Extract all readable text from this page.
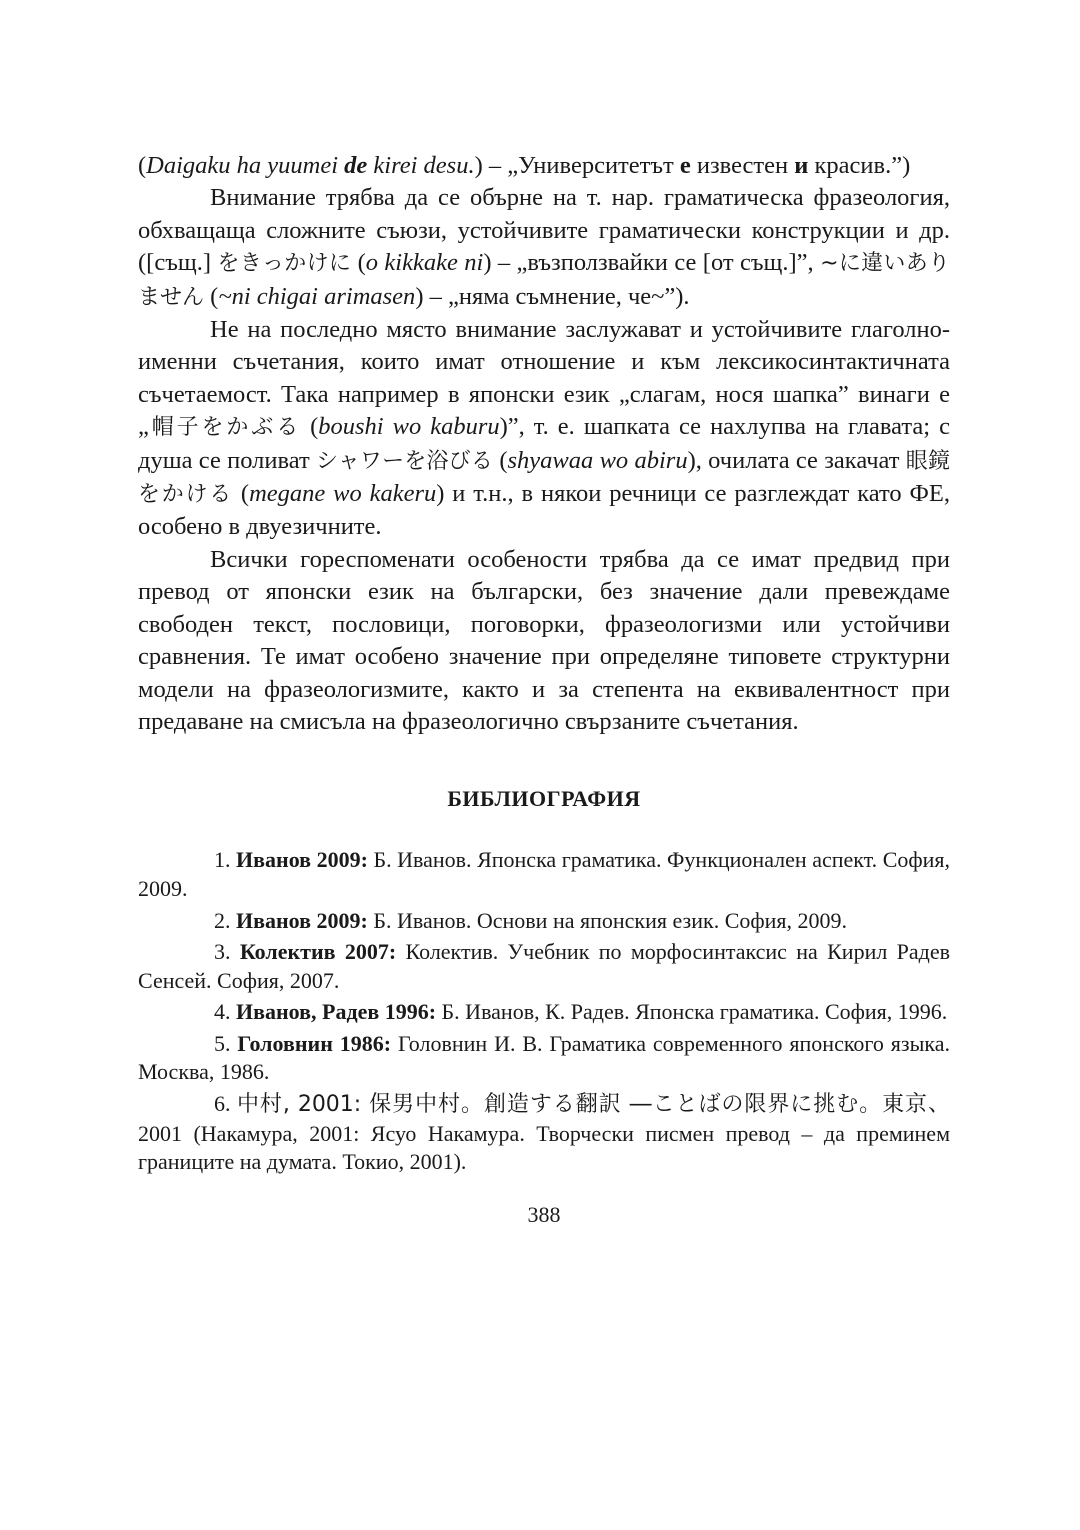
(Daigaku ha yuumei de kirei desu.) – „Университетът е известен и красив.”)

Внимание трябва да се обърне на т. нар. граматическа фразеология, обхващаща сложните съюзи, устойчивите граматически конструкции и др. ([същ.] をきっかけに (o kikkake ni) – „възползвайки се [от същ.]”, ~に違いありません (~ni chigai arimasen) – „няма съмнение, че~”).

Не на последно място внимание заслужават и устойчивите глаголно-именни съчетания, които имат отношение и към лексикосинтактичната съчетаемост. Така например в японски език „слагам, нося шапка” винаги е „帽子をかぶる (boushi wo kaburu)”, т. е. шапката се нахлупва на главата; с душа се поливат シャワーを浴びる (shyawaa wo abiru), очилата се закачат 眼鏡をかける (megane wo kakeru) и т.н., в някои речници се разглеждат като ФЕ, особено в двуезичните.

Всички гореспоменати особености трябва да се имат предвид при превод от японски език на български, без значение дали превеждаме свободен текст, пословици, поговорки, фразеологизми или устойчиви сравнения. Те имат особено значение при определяне типовете структурни модели на фразеологизмите, както и за степента на еквивалентност при предаване на смисъла на фразеологично свързаните съчетания.

БИБЛИОГРАФИЯ

1. Иванов 2009: Б. Иванов. Японска граматика. Функционален аспект. София, 2009.

2. Иванов 2009: Б. Иванов. Основи на японския език. София, 2009.

3. Колектив 2007: Колектив. Учебник по морфосинтаксис на Кирил Радев Сенсей. София, 2007.

4. Иванов, Радев 1996: Б. Иванов, К. Радев. Японска граматика. София, 1996.

5. Головнин 1986: Головнин И. В. Граматика современного японского языка. Москва, 1986.

6. 中村, 2001: 保男中村。創造する翻訳 ―ことばの限界に挑む。東京、2001 (Накамура, 2001: Ясуо Накамура. Творчески писмен превод – да преминем границите на думата. Токио, 2001).

388
